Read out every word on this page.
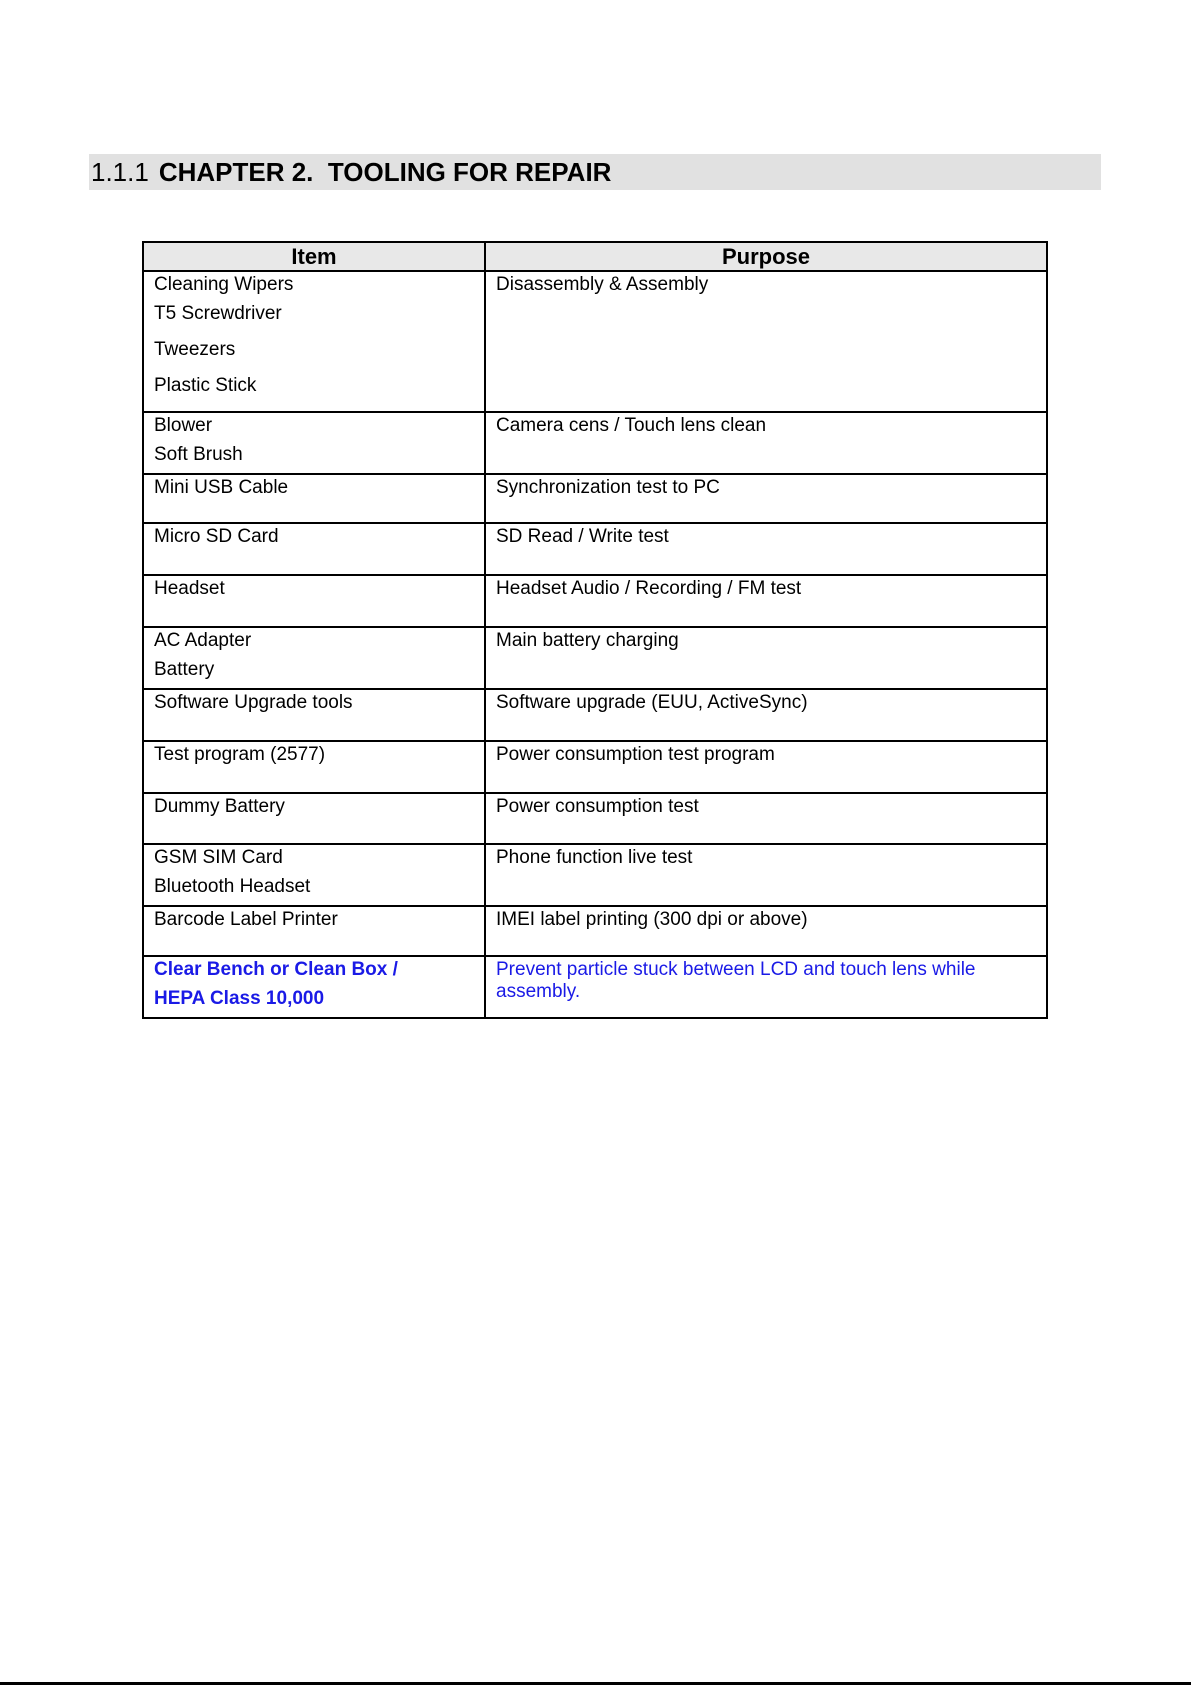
1.1.1 CHAPTER 2.  TOOLING FOR REPAIR
Item	Purpose

Cleaning Wipers
T5 Screwdriver
Tweezers
Plastic Stick	Disassembly & Assembly

Blower
Soft Brush	Camera cens / Touch lens clean

Mini USB Cable	Synchronization test to PC

Micro SD Card	SD Read / Write test

Headset	Headset Audio / Recording / FM test

AC Adapter
Battery	Main battery charging

Software Upgrade tools	Software upgrade (EUU, ActiveSync)

Test program (2577)	Power consumption test program

Dummy Battery	Power consumption test

GSM SIM Card
Bluetooth Headset	Phone function live test

Barcode Label Printer	IMEI label printing (300 dpi or above)

Clear Bench or Clean Box /
HEPA Class 10,000	Prevent particle stuck between LCD and touch lens while assembly.
